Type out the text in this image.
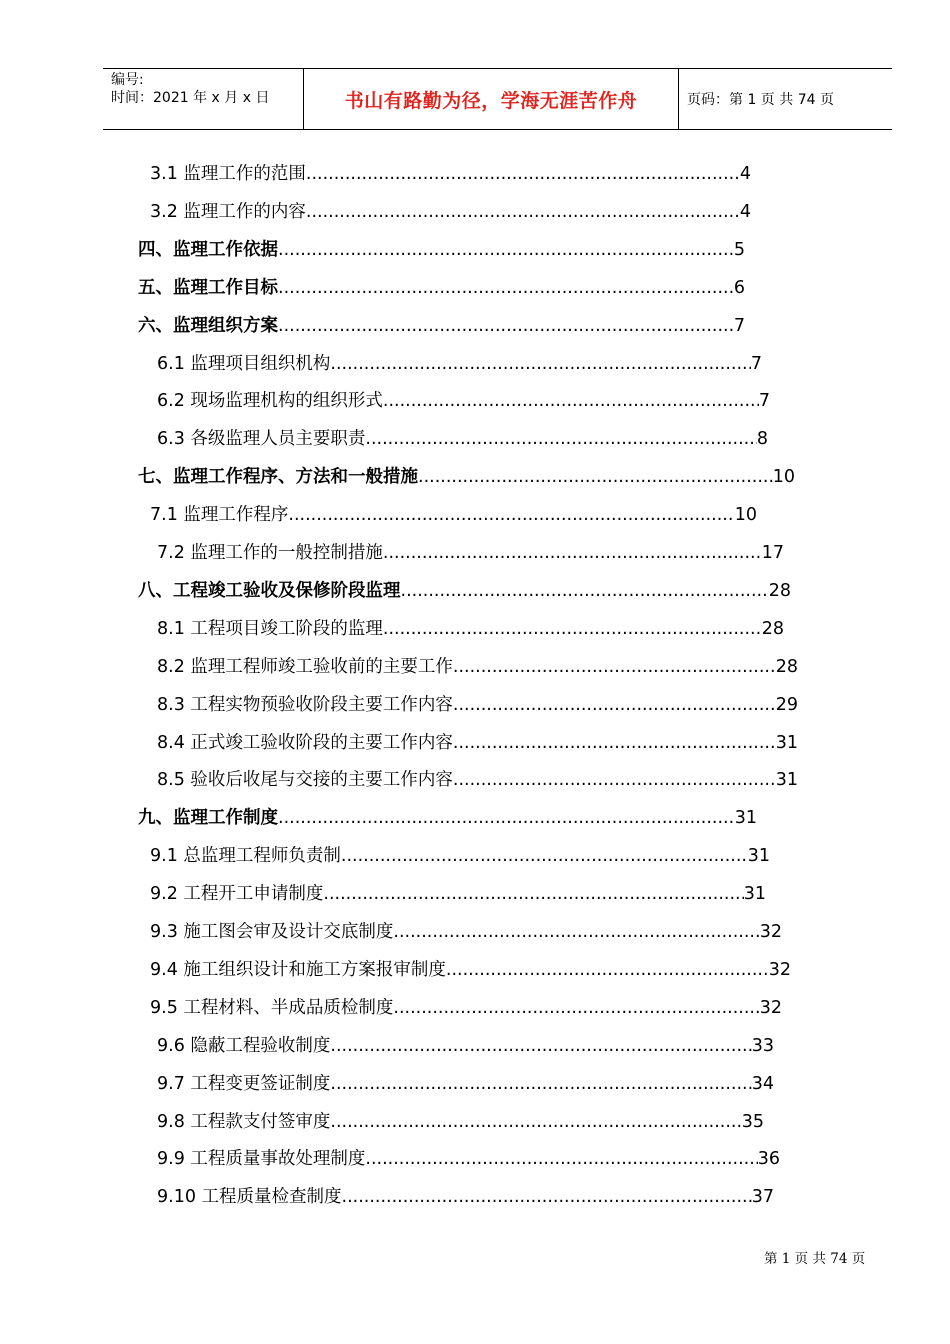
编号:
时间：2021 年 x 月 x 日	书山有路勤为径，学海无涯苦作舟	页码：第 1 页 共 74 页
3.1 监理工作的范围 .....	4
3.2 监理工作的内容 .....	4
四、监理工作依据 .....	5
五、监理工作目标 .....	6
六、监理组织方案 .....	7
6.1 监理项目组织机构 .....	7
6.2 现场监理机构的组织形式 .....	7
6.3 各级监理人员主要职责 .....	8
七、监理工作程序、方法和一般措施 .....	10
7.1 监理工作程序 .....	10
7.2 监理工作的一般控制措施 .....	17
八、工程竣工验收及保修阶段监理 .....	28
8.1 工程项目竣工阶段的监理 .....	28
8.2 监理工程师竣工验收前的主要工作 .....	28
8.3 工程实物预验收阶段主要工作内容 .....	29
8.4 正式竣工验收阶段的主要工作内容 .....	31
8.5 验收后收尾与交接的主要工作内容 .....	31
九、监理工作制度 .....	31
9.1 总监理工程师负责制 .....	31
9.2 工程开工申请制度 .....	31
9.3 施工图会审及设计交底制度 .....	32
9.4 施工组织设计和施工方案报审制度 .....	32
9.5 工程材料、半成品质检制度 .....	32
9.6 隐蔽工程验收制度 .....	33
9.7 工程变更签证制度 .....	34
9.8 工程款支付签审度 .....	35
9.9 工程质量事故处理制度 .....	36
9.10 工程质量检查制度 .....	37
第 1 页 共 74 页
